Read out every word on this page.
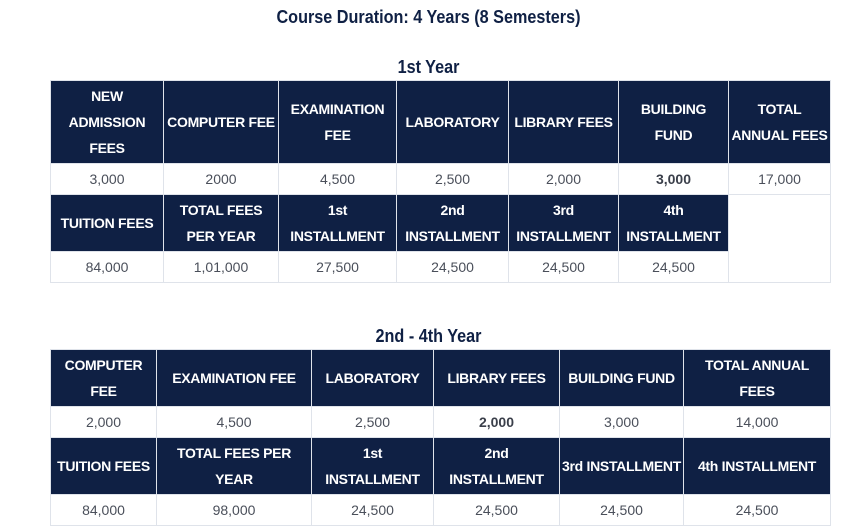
Course Duration: 4 Years (8 Semesters)
1st Year
NEW ADMISSION FEES	COMPUTER FEE	EXAMINATION FEE	LABORATORY	LIBRARY FEES	BUILDING FUND	TOTAL ANNUAL FEES
3,000	2000	4,500	2,500	2,000	3,000	17,000
TUITION FEES	TOTAL FEES PER YEAR	1st INSTALLMENT	2nd INSTALLMENT	3rd INSTALLMENT	4th INSTALLMENT	
84,000	1,01,000	27,500	24,500	24,500	24,500	
2nd - 4th Year
COMPUTER FEE	EXAMINATION FEE	LABORATORY	LIBRARY FEES	BUILDING FUND	TOTAL ANNUAL FEES
2,000	4,500	2,500	2,000	3,000	14,000
TUITION FEES	TOTAL FEES PER YEAR	1st INSTALLMENT	2nd INSTALLMENT	3rd INSTALLMENT	4th INSTALLMENT
84,000	98,000	24,500	24,500	24,500	24,500
